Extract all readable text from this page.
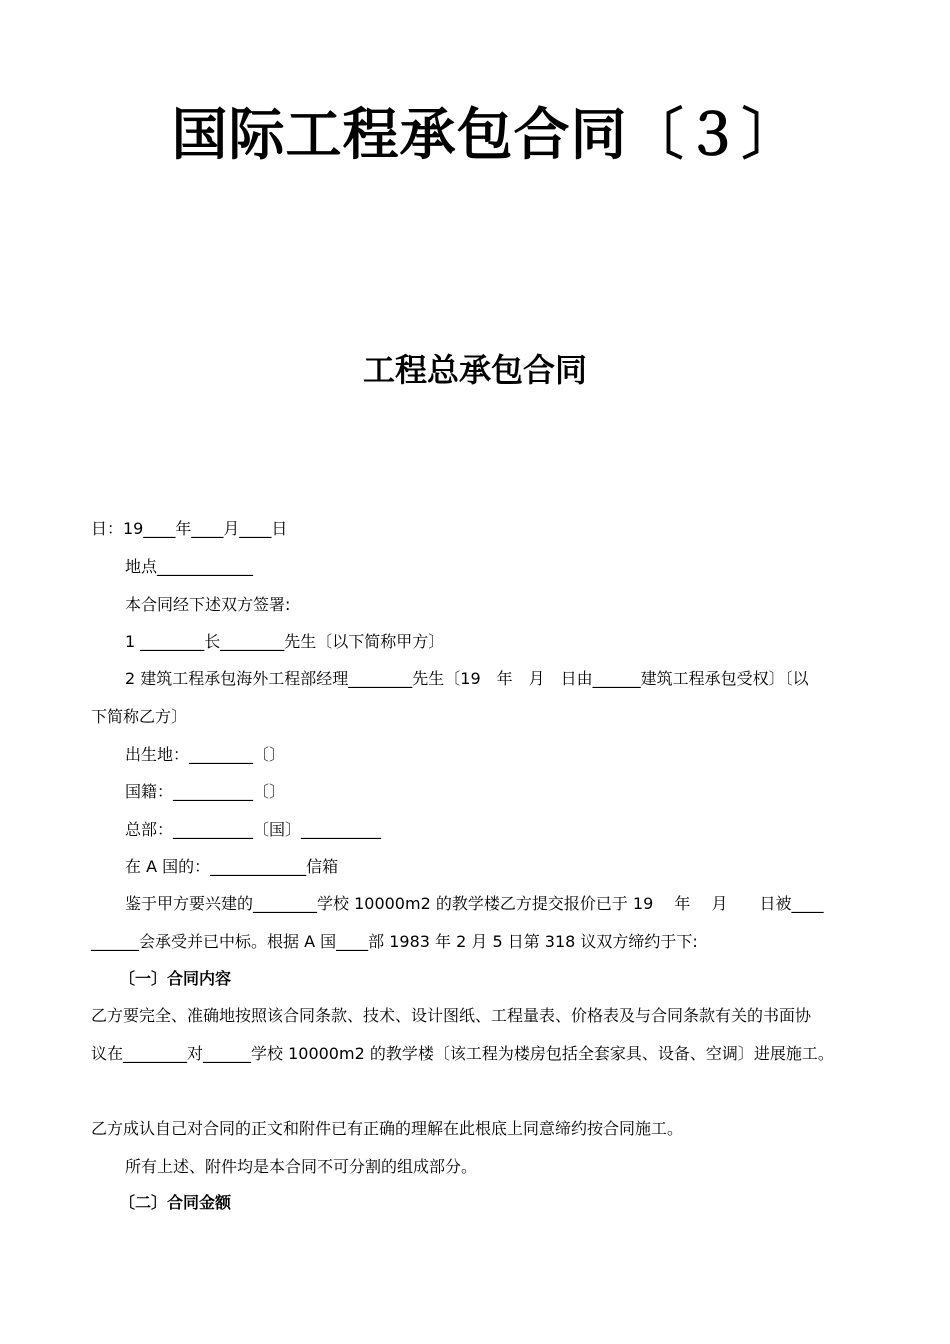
国际工程承包合同〔３〕
工程总承包合同
日：19____年____月____日
地点____________
本合同经下述双方签署:
1 ________长________先生〔以下简称甲方〕
2 建筑工程承包海外工程部经理________先生〔19　年　月　日由______建筑工程承包受权〕〔以
下简称乙方〕
出生地：________〔〕
国籍：__________〔〕
总部：__________〔国〕__________
在 A 国的：____________信箱
鉴于甲方要兴建的________学校 10000m2 的教学楼乙方提交报价已于 19　 年　 月　　日被____
______会承受并已中标。根据 A 国____部 1983 年 2 月 5 日第 318 议双方缔约于下:
〔一〕合同内容
乙方要完全、准确地按照该合同条款、技术、设计图纸、工程量表、价格表及与合同条款有关的书面协
议在________对______学校 10000m2 的教学楼〔该工程为楼房包括全套家具、设备、空调〕进展施工。
乙方成认自己对合同的正文和附件已有正确的理解在此根底上同意缔约按合同施工。
所有上述、附件均是本合同不可分割的组成部分。
〔二〕合同金额
